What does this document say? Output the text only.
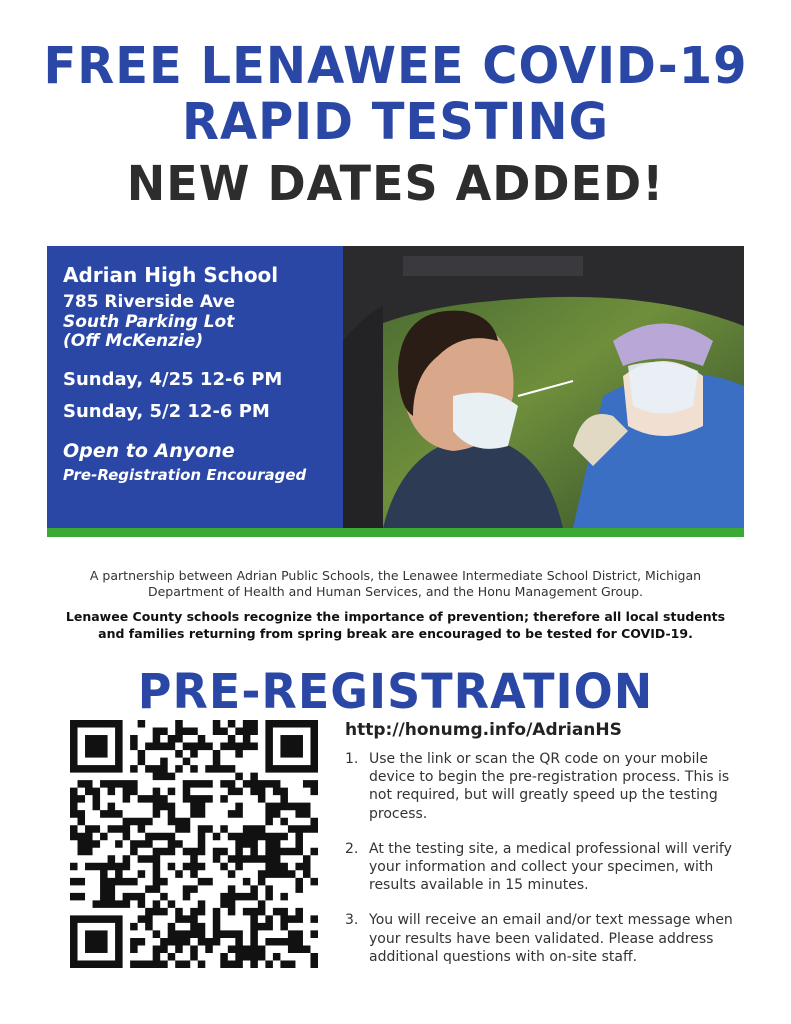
FREE LENAWEE COVID-19
RAPID TESTING
NEW DATES ADDED!
Adrian High School
785 Riverside Ave
South Parking Lot
(Off McKenzie)
Sunday, 4/25 12-6 PM
Sunday, 5/2 12-6 PM
Open to Anyone
Pre-Registration Encouraged
A partnership between Adrian Public Schools, the Lenawee Intermediate School District, Michigan Department of Health and Human Services, and the Honu Management Group.
Lenawee County schools recognize the importance of prevention; therefore all local students and families returning from spring break are encouraged to be tested for COVID-19.
PRE-REGISTRATION
http://honumg.info/AdrianHS
1. Use the link or scan the QR code on your mobile device to begin the pre-registration process. This is not required, but will greatly speed up the testing process.
2. At the testing site, a medical professional will verify your information and collect your specimen, with results available in 15 minutes.
3. You will receive an email and/or text message when your results have been validated. Please address additional questions with on-site staff.
